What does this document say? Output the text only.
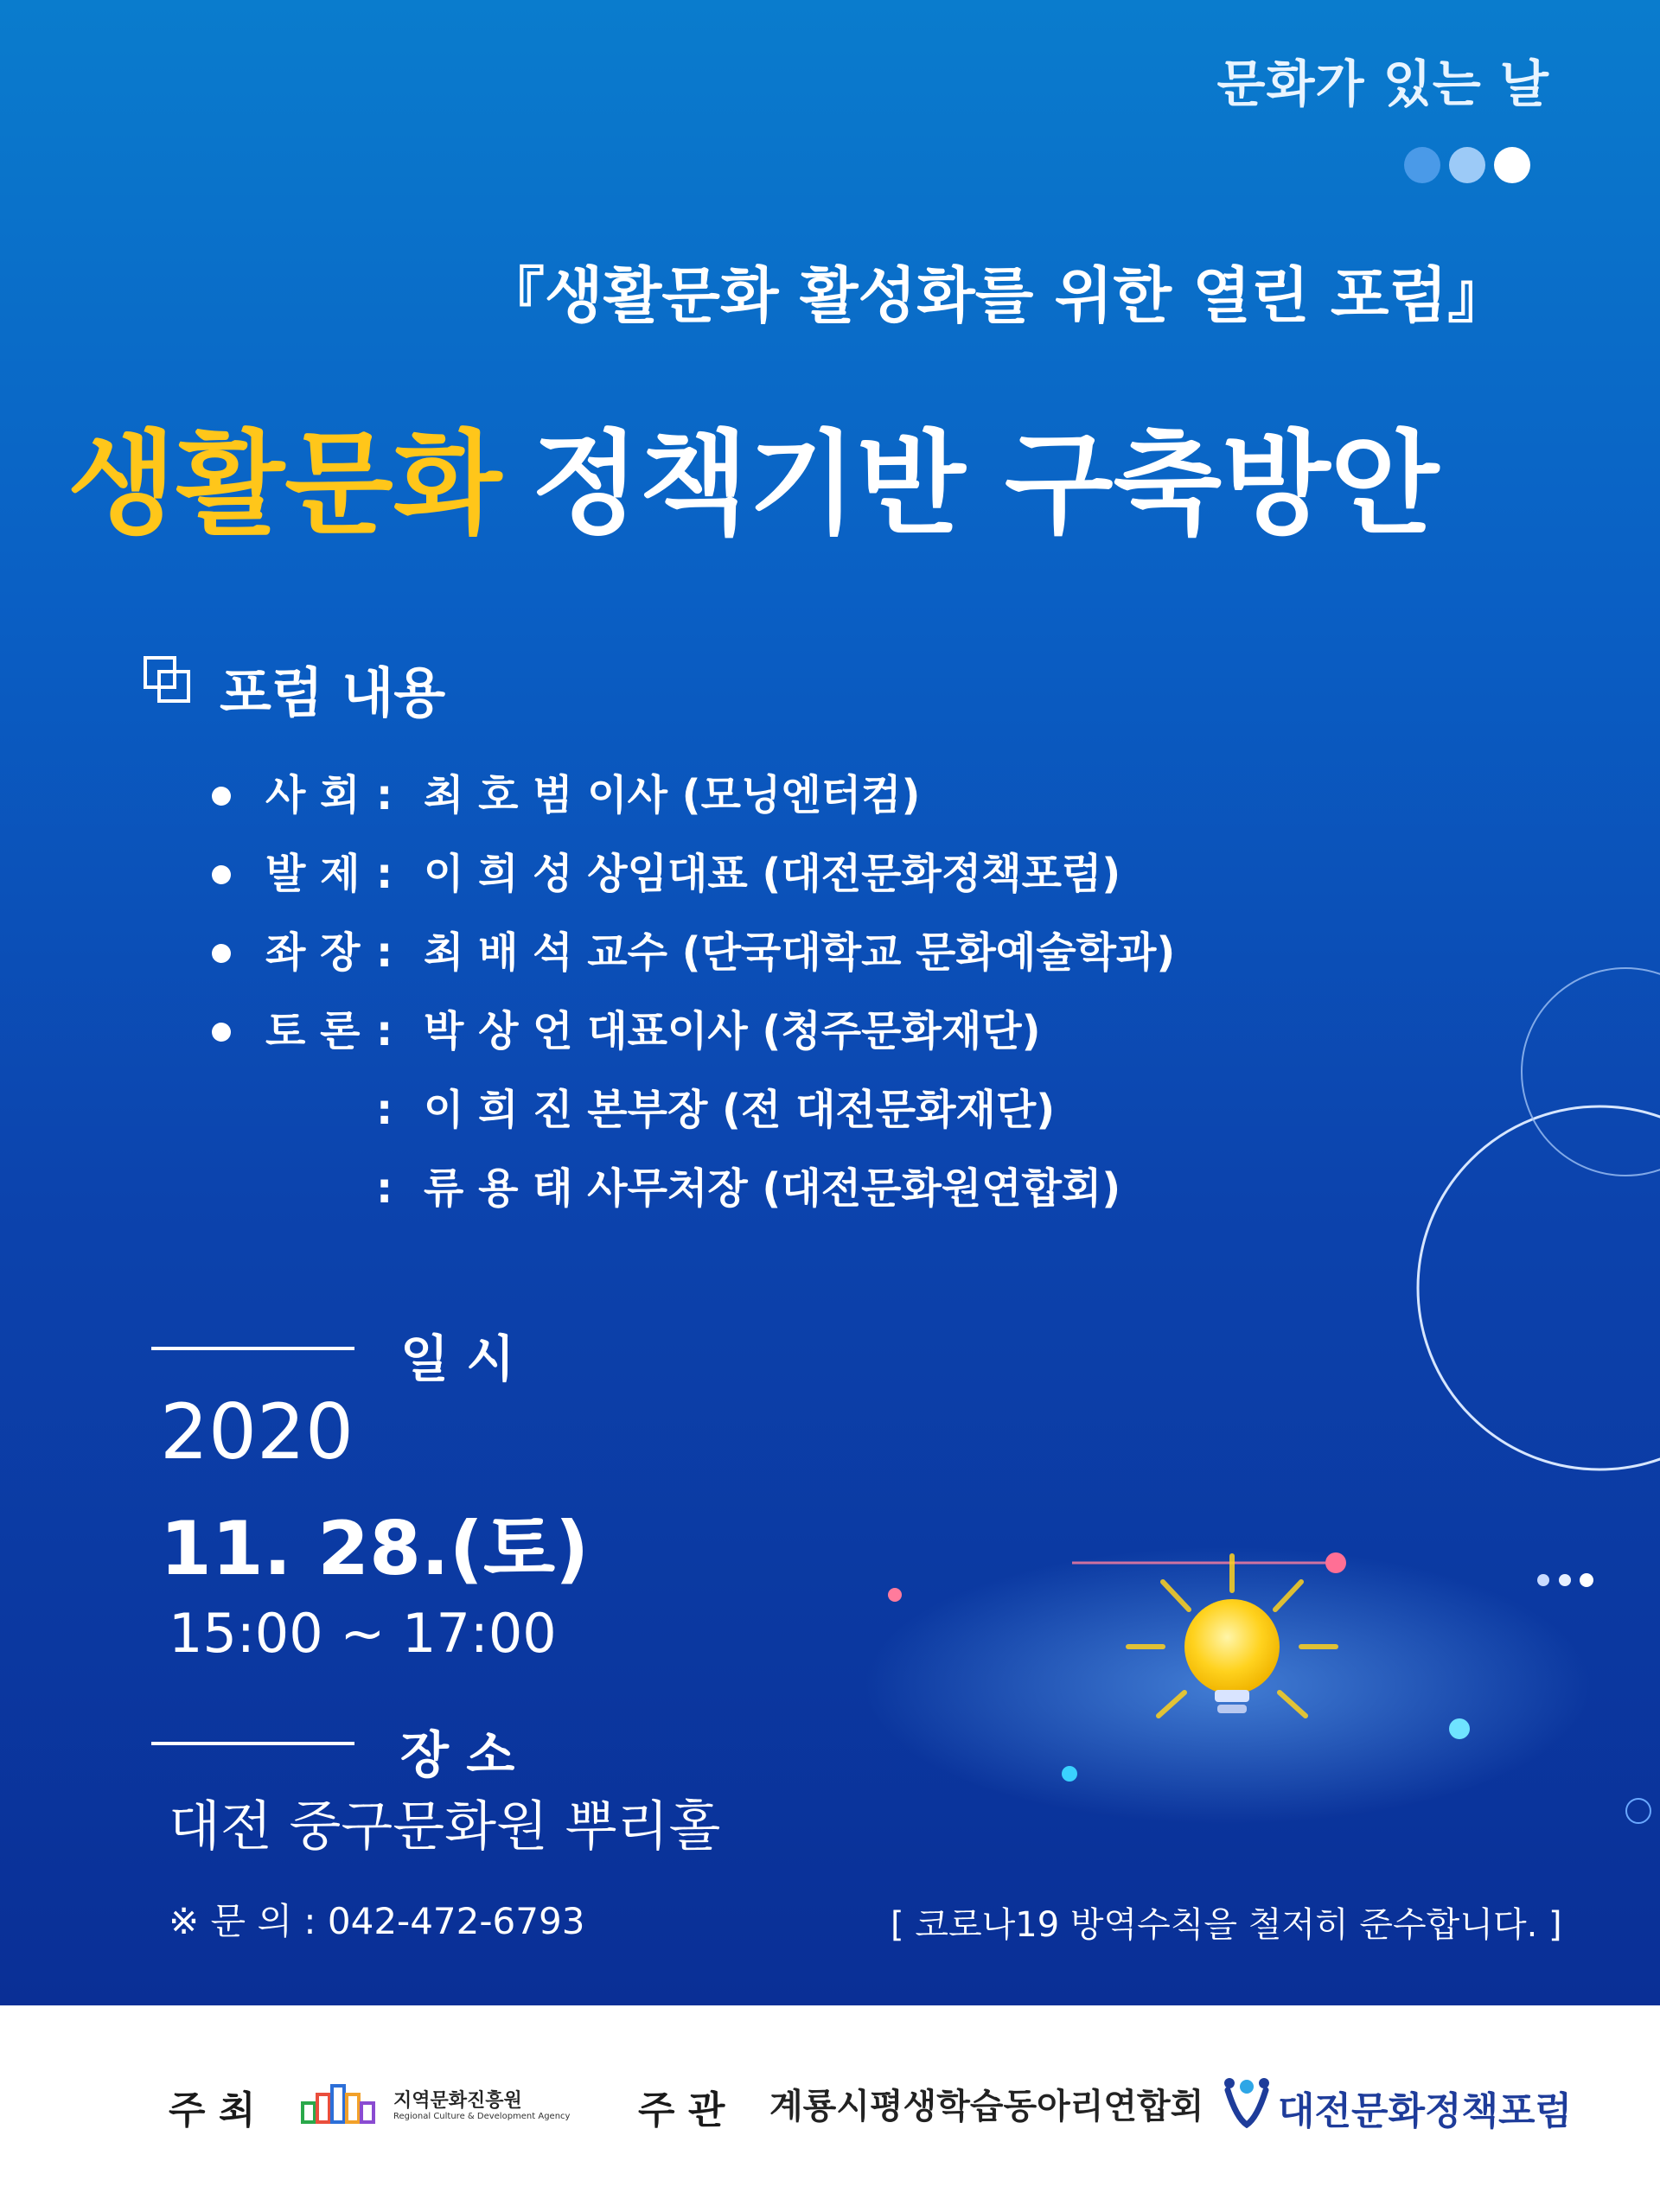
문화가 있는 날
『생활문화 활성화를 위한 열린 포럼』
생활문화 정책기반 구축방안
포럼 내용
사 회 : 최 호 범 이사 (모닝엔터컴)
발 제 : 이 희 성 상임대표 (대전문화정책포럼)
좌 장 : 최 배 석 교수 (단국대학교 문화예술학과)
토 론 : 박 상 언 대표이사 (청주문화재단)
: 이 희 진 본부장 (전 대전문화재단)
: 류 용 태 사무처장 (대전문화원연합회)
일 시
2020
11. 28.(토)
15:00 ~ 17:00
장 소
대전 중구문화원 뿌리홀
※ 문 의 : 042-472-6793	[ 코로나19 방역수칙을 철저히 준수합니다. ]
주 최	지역문화진흥원
Regional Culture & Development Agency 주 관 계룡시평생학습동아리연합회 대전문화정책포럼
